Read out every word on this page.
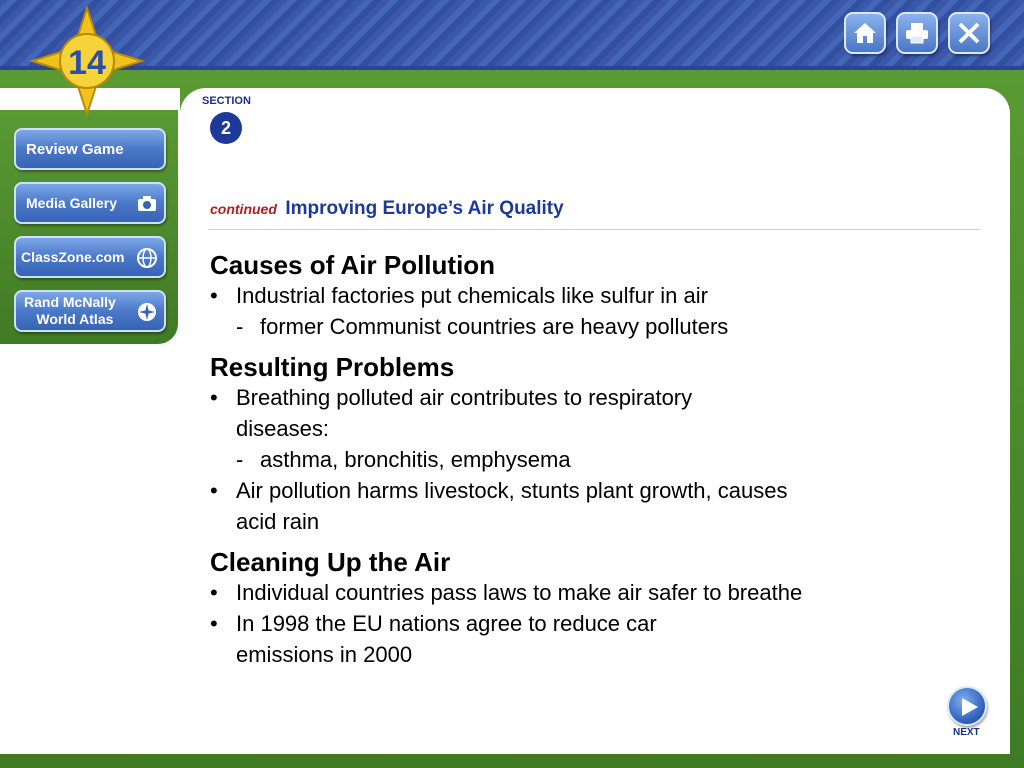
Review Game
Media Gallery
ClassZone.com
Rand McNally
World Atlas
14
SECTION
2
continued Improving Europe’s Air Quality

Causes of Air Pollution

• Industrial factories put chemicals like sulfur in air
- former Communist countries are heavy polluters

Resulting Problems

• Breathing polluted air contributes to respiratory diseases:
- asthma, bronchitis, emphysema
• Air pollution harms livestock, stunts plant growth, causes acid rain

Cleaning Up the Air

• Individual countries pass laws to make air safer to breathe
• In 1998 the EU nations agree to reduce car emissions in 2000
NEXT
